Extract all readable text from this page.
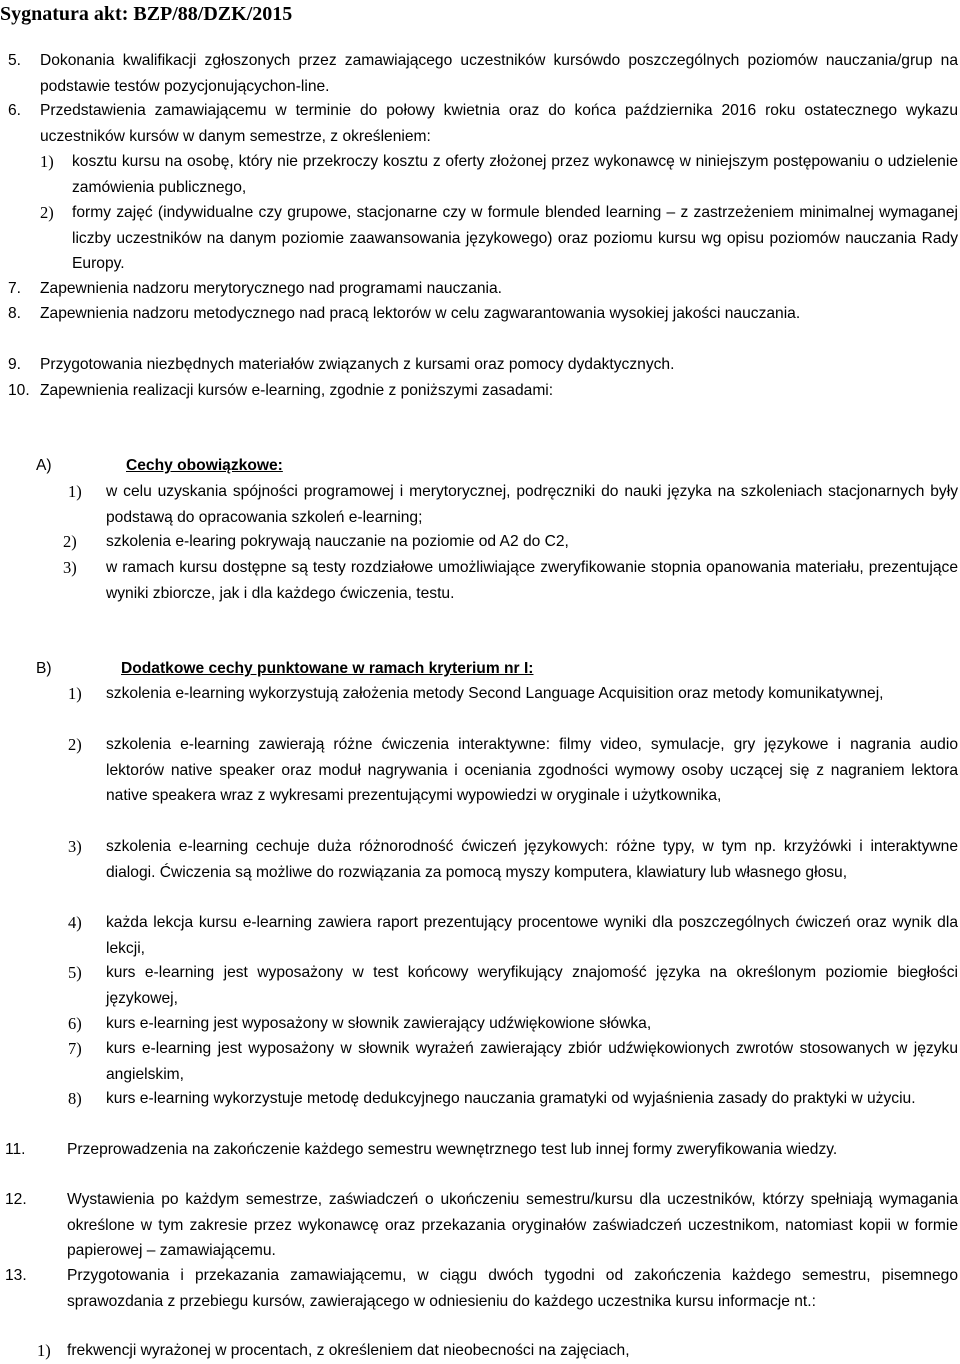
Sygnatura akt: BZP/88/DZK/2015
5. Dokonania kwalifikacji zgłoszonych przez zamawiającego uczestników kursówdo poszczególnych poziomów nauczania/grup na podstawie testów pozycjonującychon-line.
6. Przedstawienia zamawiającemu w terminie do połowy kwietnia oraz do końca października 2016 roku ostatecznego wykazu uczestników kursów w danym semestrze, z określeniem:
1) kosztu kursu na osobę, który nie przekroczy kosztu z oferty złożonej przez wykonawcę w niniejszym postępowaniu o udzielenie zamówienia publicznego,
2) formy zajęć (indywidualne czy grupowe, stacjonarne czy w formule blended learning – z zastrzeżeniem minimalnej wymaganej liczby uczestników na danym poziomie zaawansowania językowego) oraz poziomu kursu wg opisu poziomów nauczania Rady Europy.
7. Zapewnienia nadzoru merytorycznego nad programami nauczania.
8. Zapewnienia nadzoru metodycznego nad pracą lektorów w celu zagwarantowania wysokiej jakości nauczania.
9. Przygotowania niezbędnych materiałów związanych z kursami oraz pomocy dydaktycznych.
10. Zapewnienia realizacji kursów e-learning, zgodnie z poniższymi zasadami:
A)	Cechy obowiązkowe:
1) w celu uzyskania spójności programowej i merytorycznej, podręczniki do nauki języka na szkoleniach stacjonarnych były podstawą do opracowania szkoleń e-learning;
2) szkolenia e-learing pokrywają nauczanie na poziomie od A2 do C2,
3) w ramach kursu dostępne są testy rozdziałowe umożliwiające zweryfikowanie stopnia opanowania materiału, prezentujące wyniki zbiorcze, jak i dla każdego ćwiczenia, testu.
B)	Dodatkowe cechy punktowane w ramach kryterium nr I:
1) szkolenia e-learning wykorzystują założenia metody Second Language Acquisition oraz metody komunikatywnej,
2) szkolenia e-learning zawierają różne ćwiczenia interaktywne: filmy video, symulacje, gry językowe i nagrania audio lektorów native speaker oraz moduł nagrywania i oceniania zgodności wymowy osoby uczącej się z nagraniem lektora native speakera wraz z wykresami prezentującymi wypowiedzi w oryginale i użytkownika,
3) szkolenia e-learning cechuje duża różnorodność ćwiczeń językowych: różne typy, w tym np. krzyżówki i interaktywne dialogi. Ćwiczenia są możliwe do rozwiązania za pomocą myszy komputera, klawiatury lub własnego głosu,
4) każda lekcja kursu e-learning zawiera raport prezentujący procentowe wyniki dla poszczególnych ćwiczeń oraz wynik dla lekcji,
5) kurs e-learning jest wyposażony w test końcowy weryfikujący znajomość języka na określonym poziomie biegłości językowej,
6) kurs e-learning jest wyposażony w słownik zawierający udźwiękowione słówka,
7) kurs e-learning jest wyposażony w słownik wyrażeń zawierający zbiór udźwiękowionych zwrotów stosowanych w języku angielskim,
8) kurs e-learning wykorzystuje metodę dedukcyjnego nauczania gramatyki od wyjaśnienia zasady do praktyki w użyciu.
11.	Przeprowadzenia na zakończenie każdego semestru wewnętrznego test lub innej formy zweryfikowania wiedzy.
12.	Wystawienia po każdym semestrze, zaświadczeń o ukończeniu semestru/kursu dla uczestników, którzy spełniają wymagania określone w tym zakresie przez wykonawcę oraz przekazania oryginałów zaświadczeń uczestnikom, natomiast kopii w formie papierowej – zamawiającemu.
13.	Przygotowania i przekazania zamawiającemu, w ciągu dwóch tygodni od zakończenia każdego semestru, pisemnego sprawozdania z przebiegu kursów, zawierającego w odniesieniu do każdego uczestnika kursu informacje nt.:
1) frekwencji wyrażonej w procentach, z określeniem dat nieobecności na zajęciach,
